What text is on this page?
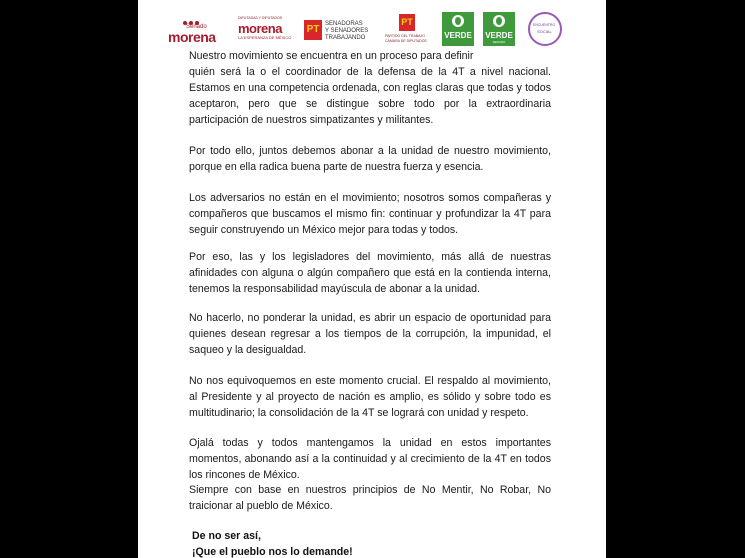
Senado
morena
DIPUTADAS Y DIPUTADOS
morena
LA ESPERANZA DE MÉXICO
PT SENADORAS
Y SENADORES
TRABAJANDO
PT
PARTIDO DEL TRABAJO
CÁMARA DE DIPUTADOS
VERDE VERDE
SENADO
ENCUENTRO
SOCIAL
Nuestro movimiento se encuentra en un proceso para definir
quién será la o el coordinador de la defensa de la 4T a nivel nacional. Estamos en una competencia ordenada, con reglas claras que todas y todos aceptaron, pero que se distingue sobre todo por la extraordinaria participación de nuestros simpatizantes y militantes.
Por todo ello, juntos debemos abonar a la unidad de nuestro movimiento, porque en ella radica buena parte de nuestra fuerza y esencia.
Los adversarios no están en el movimiento; nosotros somos compañeras y compañeros que buscamos el mismo fin: continuar y profundizar la 4T para seguir construyendo un México mejor para todas y todos.
Por eso, las y los legisladores del movimiento, más allá de nuestras afinidades con alguna o algún compañero que está en la contienda interna, tenemos la responsabilidad mayúscula de abonar a la unidad.
No hacerlo, no ponderar la unidad, es abrir un espacio de oportunidad para quienes desean regresar a los tiempos de la corrupción, la impunidad, el saqueo y la desigualdad.
No nos equivoquemos en este momento crucial. El respaldo al movimiento, al Presidente y al proyecto de nación es amplio, es sólido y sobre todo es multitudinario; la consolidación de la 4T se logrará con unidad y respeto.
Ojalá todas y todos mantengamos la unidad en estos importantes momentos, abonando así a la continuidad y al crecimiento de la 4T en todos los rincones de México.
Siempre con base en nuestros principios de No Mentir, No Robar, No traicionar al pueblo de México.
De no ser así,
¡Que el pueblo nos lo demande!
